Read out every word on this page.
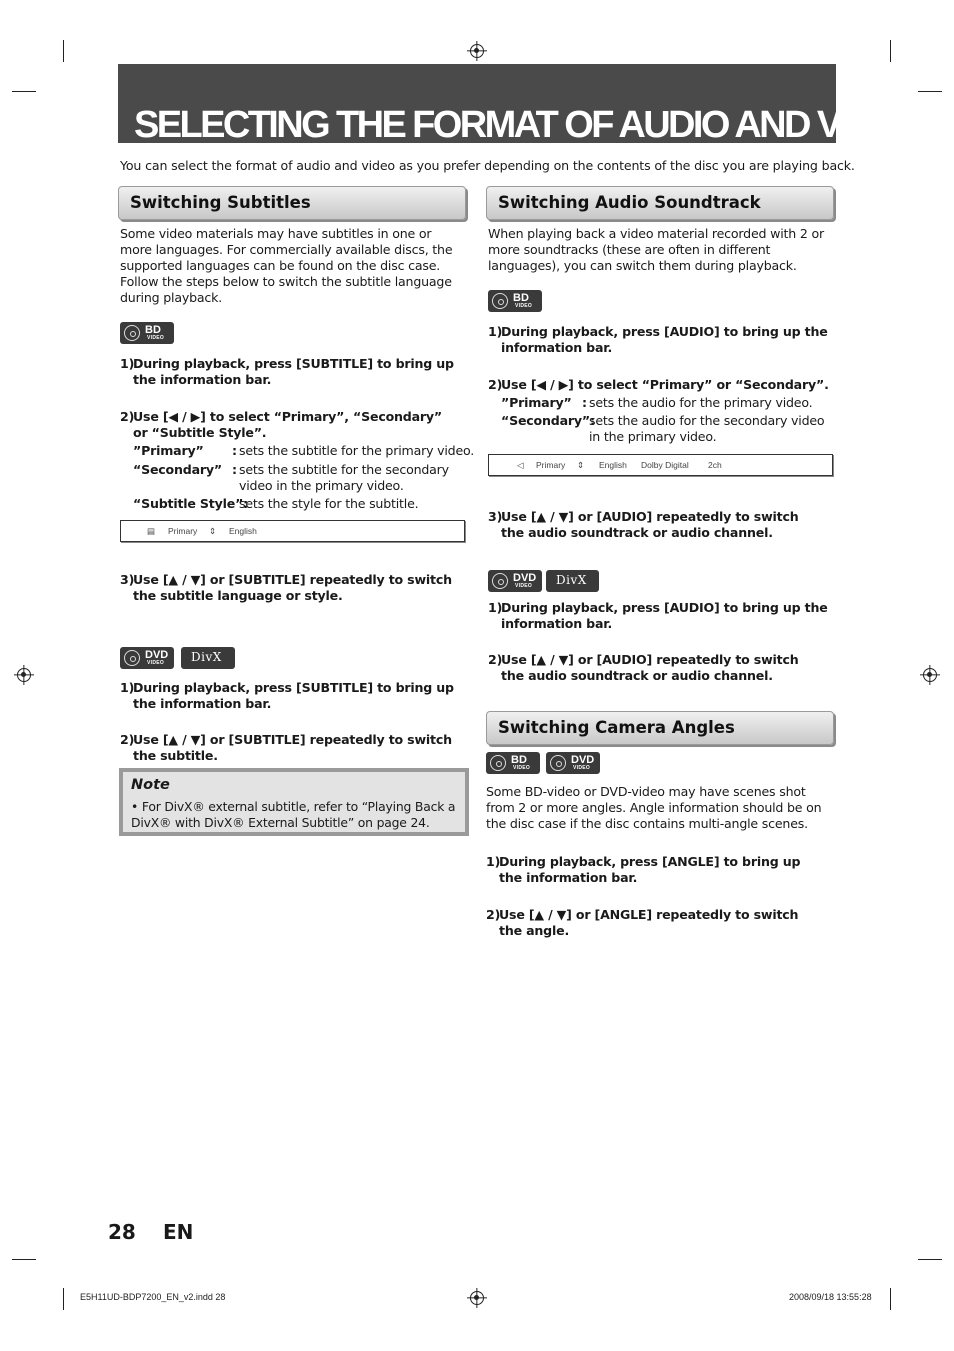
SELECTING THE FORMAT OF AUDIO AND VIDEO
You can select the format of audio and video as you prefer depending on the contents of the disc you are playing back.
Switching Subtitles
Some video materials may have subtitles in one or more languages. For commercially available discs, the supported languages can be found on the disc case. Follow the steps below to switch the subtitle language during playback.
BD
VIDEO
1)
During playback, press [SUBTITLE] to bring up the information bar.
2)
Use [◀ / ▶] to select “Primary”, “Secondary” or “Subtitle Style”.
”Primary” : sets the subtitle for the primary video.
“Secondary” : sets the subtitle for the secondary video in the primary video.
“Subtitle Style”:
sets the style for the subtitle.
▤ Primary ⇕ English
3)
Use [▲ / ▼] or [SUBTITLE] repeatedly to switch the subtitle language or style.
DVD
VIDEO DivX
1)
During playback, press [SUBTITLE] to bring up the information bar.
2)
Use [▲ / ▼] or [SUBTITLE] repeatedly to switch the subtitle.
Note
• For DivX® external subtitle, refer to “Playing Back a DivX® with DivX® External Subtitle” on page 24.
Switching Audio Soundtrack
When playing back a video material recorded with 2 or more soundtracks (these are often in different languages), you can switch them during playback.
BD
VIDEO
1)
During playback, press [AUDIO] to bring up the information bar.
2)
Use [◀ / ▶] to select “Primary” or “Secondary”.
”Primary” : sets the audio for the primary video.
“Secondary”:
sets the audio for the secondary video in the primary video.
◁ Primary ⇕ English Dolby Digital 2ch
3)
Use [▲ / ▼] or [AUDIO] repeatedly to switch the audio soundtrack or audio channel.
DVD
VIDEO DivX
1)
During playback, press [AUDIO] to bring up the information bar.
2)
Use [▲ / ▼] or [AUDIO] repeatedly to switch the audio soundtrack or audio channel.
Switching Camera Angles
BD
VIDEO
DVD
VIDEO
Some BD-video or DVD-video may have scenes shot from 2 or more angles. Angle information should be on the disc case if the disc contains multi-angle scenes.
1)
During playback, press [ANGLE] to bring up the information bar.
2)
Use [▲ / ▼] or [ANGLE] repeatedly to switch the angle.
28 EN
E5H11UD-BDP7200_EN_v2.indd 28	2008/09/18 13:55:28
